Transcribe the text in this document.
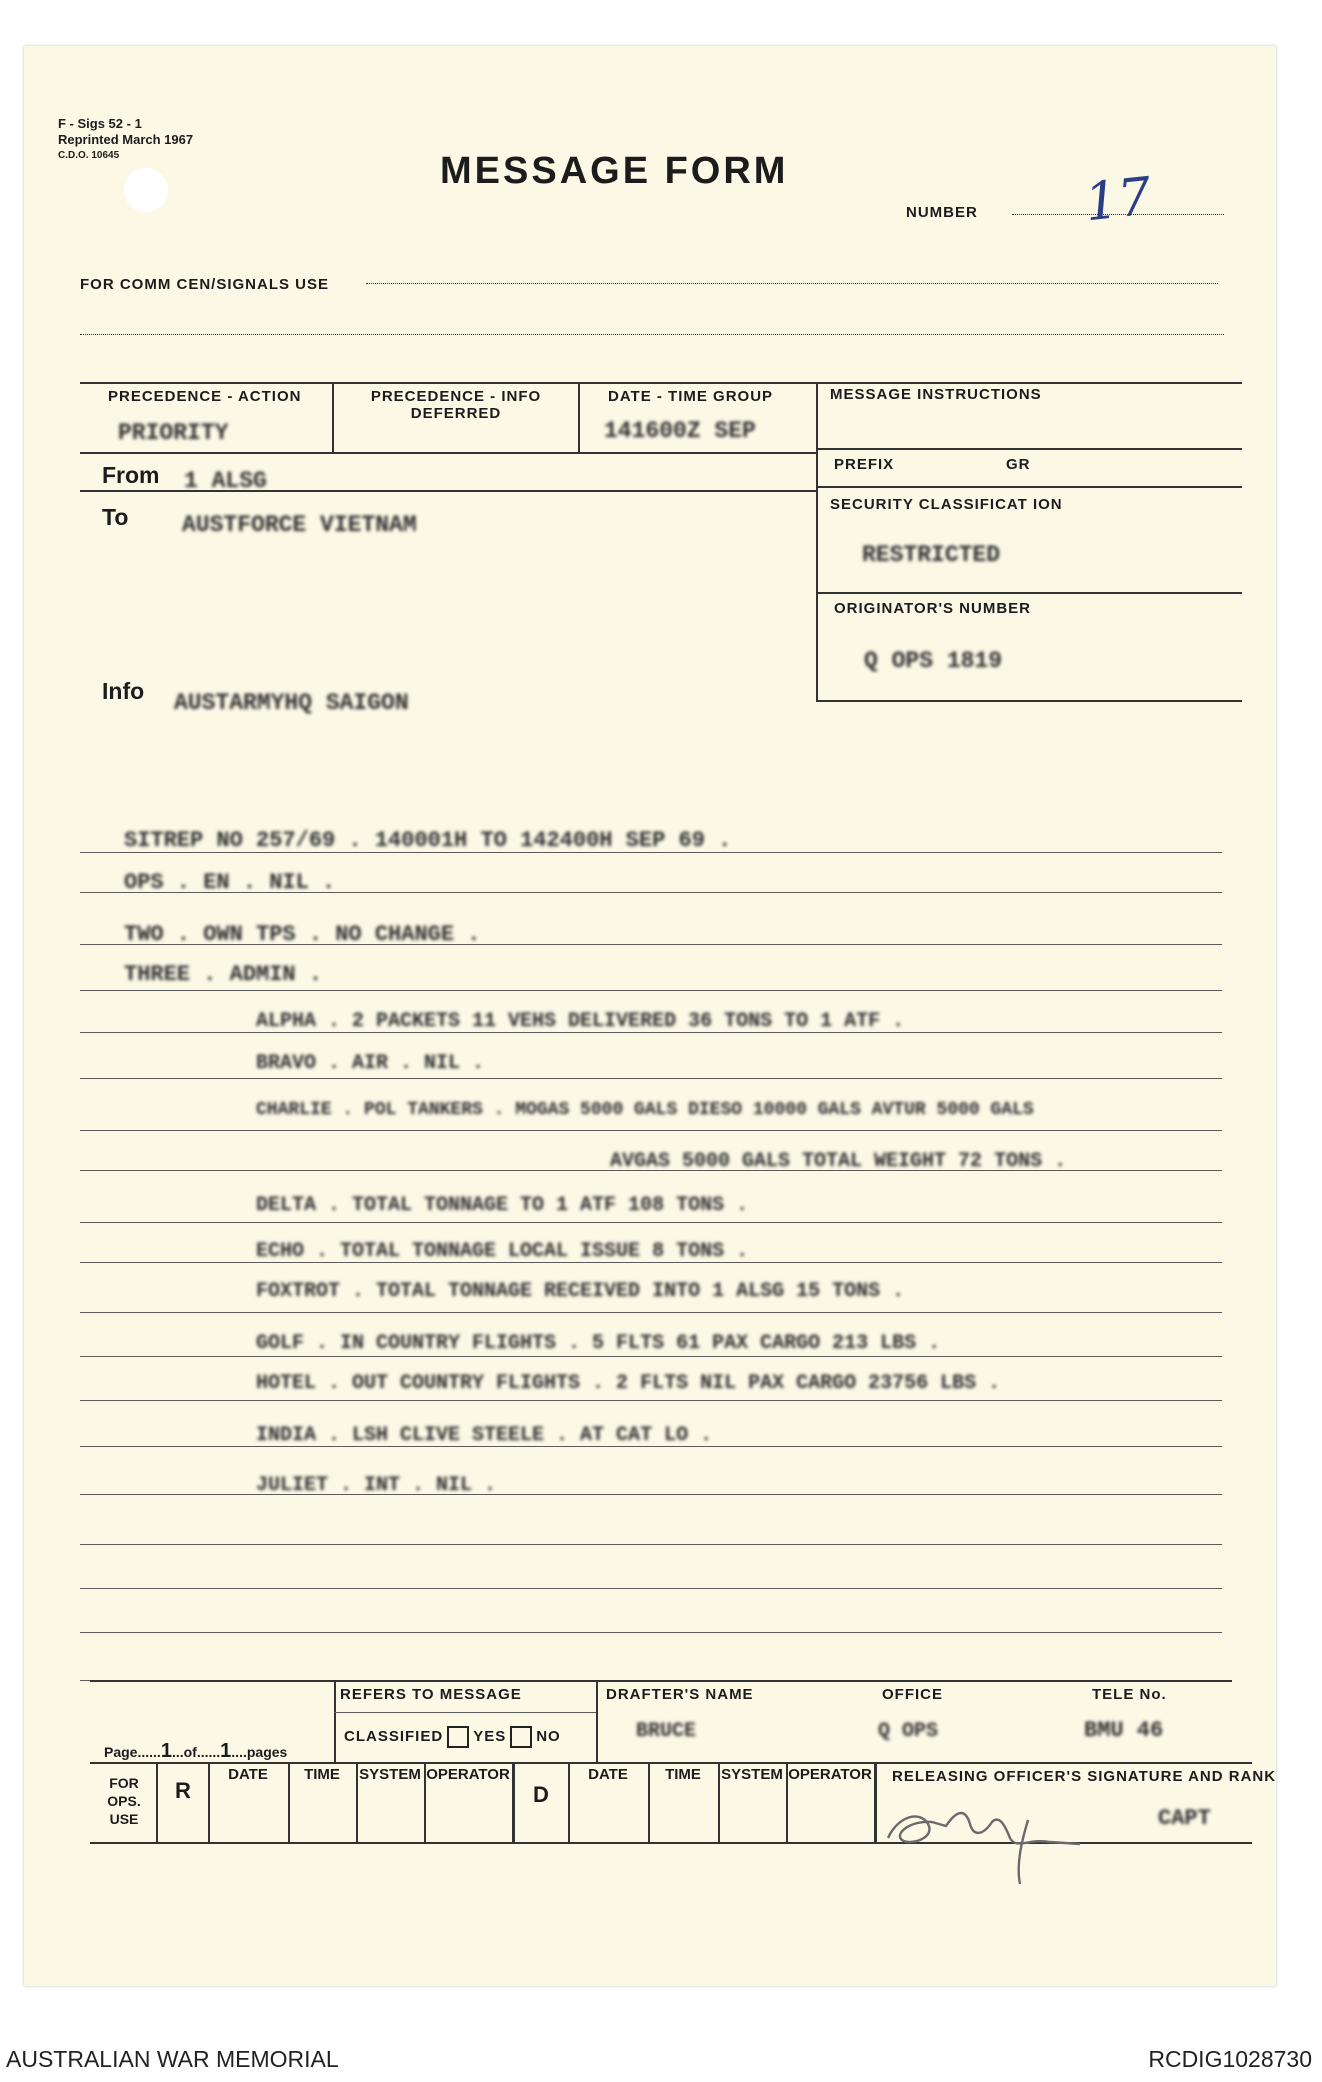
F - Sigs 52 - 1
Reprinted March 1967
C.D.O. 10645	MESSAGE FORM
NUMBER 17
FOR COMM CEN/SIGNALS USE
PRECEDENCE - ACTION
PRIORITY
PRECEDENCE - INFO
DEFERRED
DATE - TIME GROUP
141600Z SEP
MESSAGE INSTRUCTIONS
PREFIX	GR
SECURITY CLASSIFICAT ION
RESTRICTED
ORIGINATOR'S NUMBER
Q OPS 1819
From 1 ALSG
To AUSTFORCE VIETNAM
Info AUSTARMYHQ SAIGON
SITREP NO 257/69 . 140001H TO 142400H SEP 69 .
OPS . EN . NIL .
TWO . OWN TPS . NO CHANGE .
THREE . ADMIN .
ALPHA . 2 PACKETS 11 VEHS DELIVERED 36 TONS TO 1 ATF .
BRAVO . AIR . NIL .
CHARLIE . POL TANKERS . MOGAS 5000 GALS DIESO 10000 GALS AVTUR 5000 GALS
AVGAS 5000 GALS TOTAL WEIGHT 72 TONS .
DELTA . TOTAL TONNAGE TO 1 ATF 108 TONS .
ECHO . TOTAL TONNAGE LOCAL ISSUE 8 TONS .
FOXTROT . TOTAL TONNAGE RECEIVED INTO 1 ALSG 15 TONS .
GOLF . IN COUNTRY FLIGHTS . 5 FLTS 61 PAX CARGO 213 LBS .
HOTEL . OUT COUNTRY FLIGHTS . 2 FLTS NIL PAX CARGO 23756 LBS .
INDIA . LSH CLIVE STEELE . AT CAT LO .
JULIET . INT . NIL .
Page......1...of......1....pages
REFERS TO MESSAGE
CLASSIFIED YES NO
DRAFTER'S NAME
BRUCE
OFFICE
Q OPS
TELE No.
BMU 46
FOR
OPS.
USE
R
DATE	TIME	SYSTEM OPERATOR
D
DATE	TIME	SYSTEM OPERATOR RELEASING OFFICER'S SIGNATURE AND RANK
CAPT
AUSTRALIAN WAR MEMORIAL	RCDIG1028730
